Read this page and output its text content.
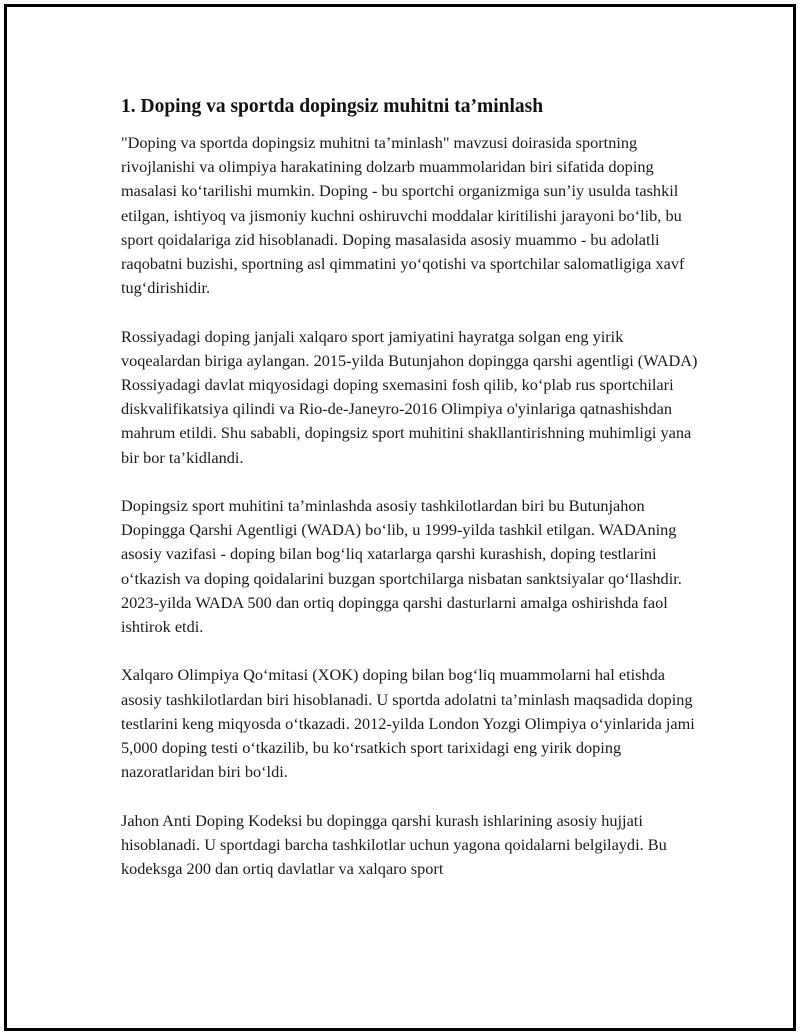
1. Doping va sportda dopingsiz muhitni ta’minlash

"Doping va sportda dopingsiz muhitni ta’minlash" mavzusi doirasida sportning rivojlanishi va olimpiya harakatining dolzarb muammolaridan biri sifatida doping masalasi ko‘tarilishi mumkin. Doping - bu sportchi organizmiga sun’iy usulda tashkil etilgan, ishtiyoq va jismoniy kuchni oshiruvchi moddalar kiritilishi jarayoni bo‘lib, bu sport qoidalariga zid hisoblanadi. Doping masalasida asosiy muammo - bu adolatli raqobatni buzishi, sportning asl qimmatini yo‘qotishi va sportchilar salomatligiga xavf tug‘dirishidir.

Rossiyadagi doping janjali xalqaro sport jamiyatini hayratga solgan eng yirik voqealardan biriga aylangan. 2015-yilda Butunjahon dopingga qarshi agentligi (WADA) Rossiyadagi davlat miqyosidagi doping sxemasini fosh qilib, ko‘plab rus sportchilari diskvalifikatsiya qilindi va Rio-de-Janeyro-2016 Olimpiya o'yinlariga qatnashishdan mahrum etildi. Shu sababli, dopingsiz sport muhitini shakllantirishning muhimligi yana bir bor ta’kidlandi.

Dopingsiz sport muhitini ta’minlashda asosiy tashkilotlardan biri bu Butunjahon Dopingga Qarshi Agentligi (WADA) bo‘lib, u 1999-yilda tashkil etilgan. WADAning asosiy vazifasi - doping bilan bog‘liq xatarlarga qarshi kurashish, doping testlarini o‘tkazish va doping qoidalarini buzgan sportchilarga nisbatan sanktsiyalar qo‘llashdir. 2023-yilda WADA 500 dan ortiq dopingga qarshi dasturlarni amalga oshirishda faol ishtirok etdi.

Xalqaro Olimpiya Qo‘mitasi (XOK) doping bilan bog‘liq muammolarni hal etishda asosiy tashkilotlardan biri hisoblanadi. U sportda adolatni ta’minlash maqsadida doping testlarini keng miqyosda o‘tkazadi. 2012-yilda London Yozgi Olimpiya o‘yinlarida jami 5,000 doping testi o‘tkazilib, bu ko‘rsatkich sport tarixidagi eng yirik doping nazoratlaridan biri bo‘ldi.

Jahon Anti Doping Kodeksi bu dopingga qarshi kurash ishlarining asosiy hujjati hisoblanadi. U sportdagi barcha tashkilotlar uchun yagona qoidalarni belgilaydi. Bu kodeksga 200 dan ortiq davlatlar va xalqaro sport
